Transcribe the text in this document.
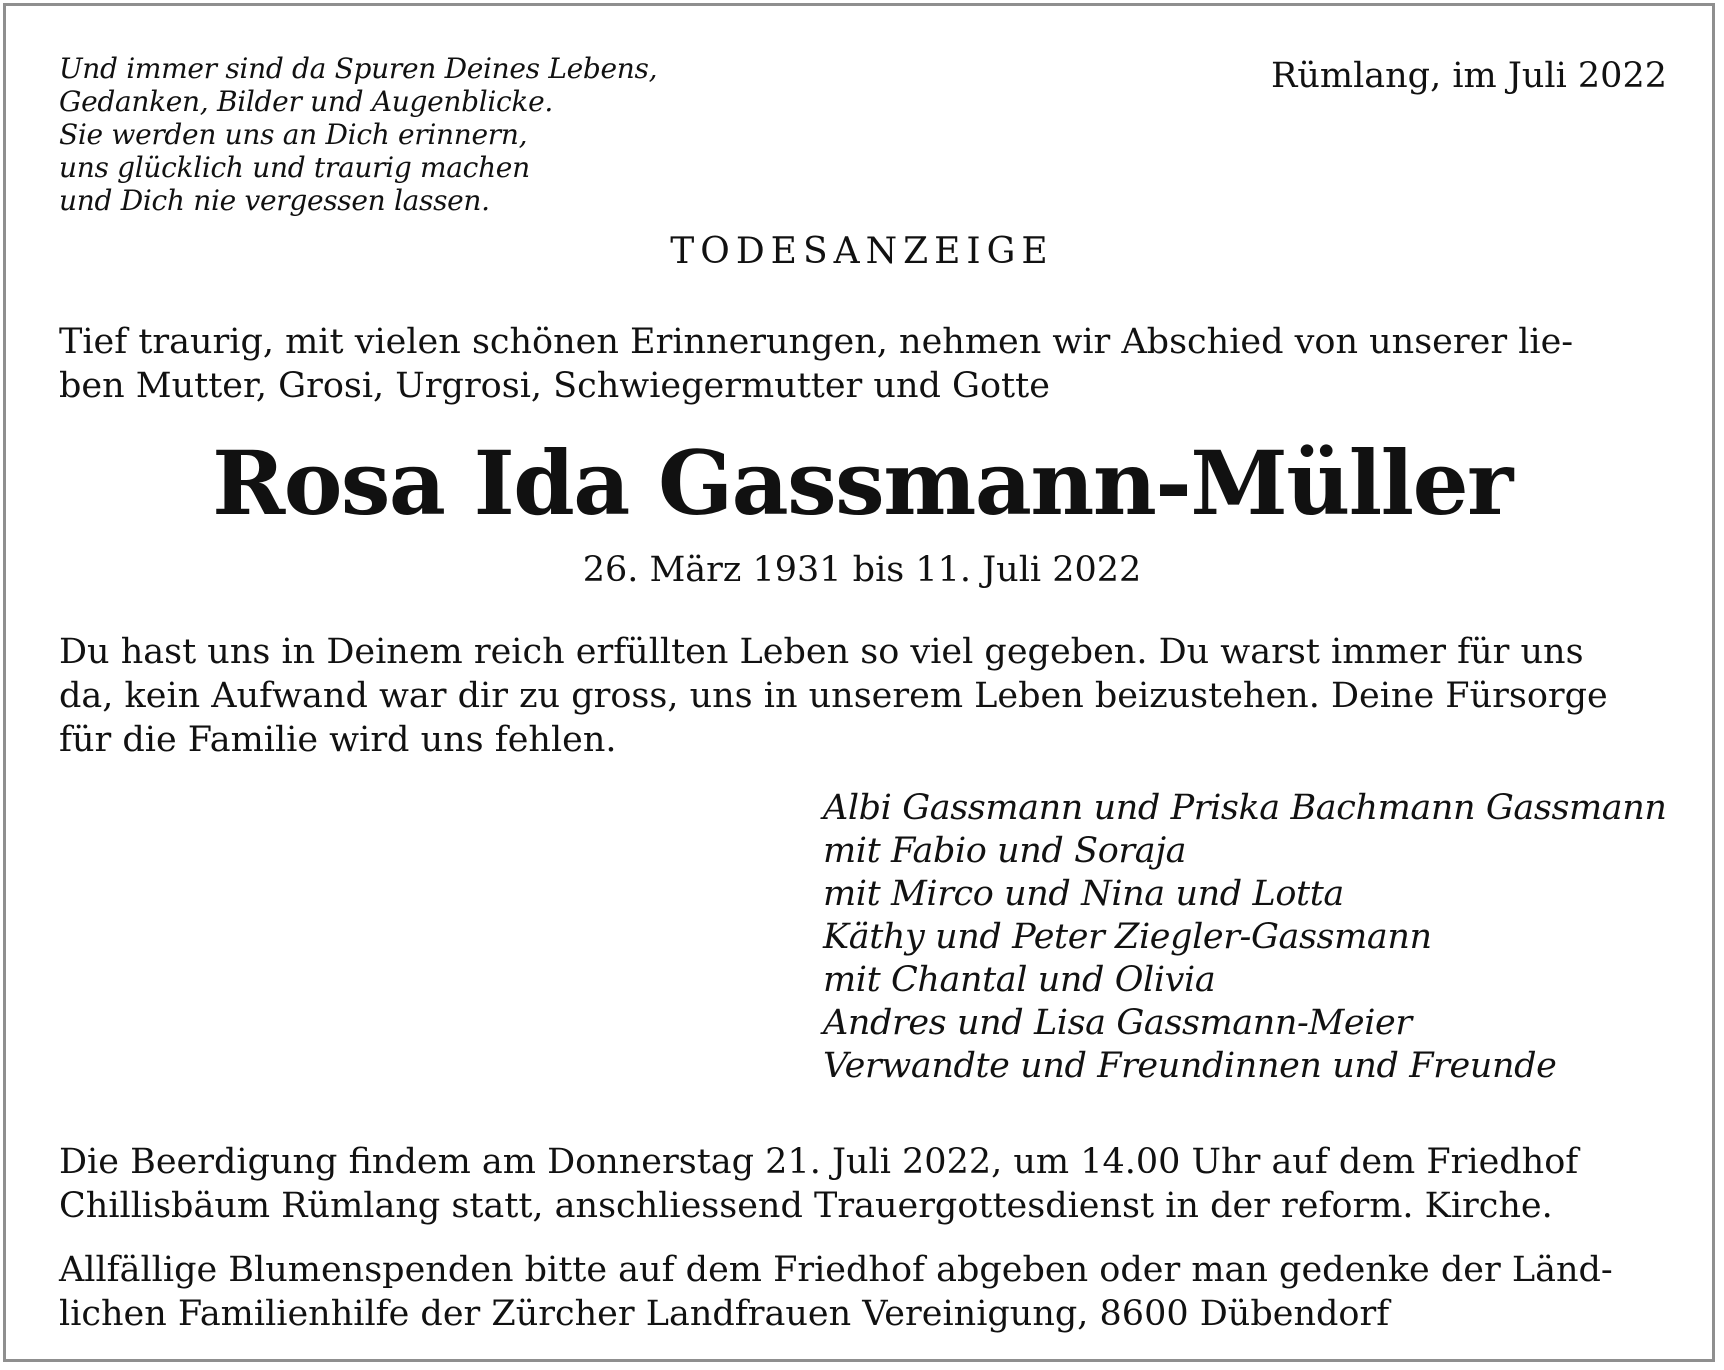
Und immer sind da Spuren Deines Lebens,
Gedanken, Bilder und Augenblicke.
Sie werden uns an Dich erinnern,
uns glücklich und traurig machen
und Dich nie vergessen lassen.
Rümlang, im Juli 2022
TODESANZEIGE

Tief traurig, mit vielen schönen Erinnerungen, nehmen wir Abschied von unserer lie-
ben Mutter, Grosi, Urgrosi, Schwiegermutter und Gotte

Rosa Ida Gassmann-Müller
26. März 1931 bis 11. Juli 2022

Du hast uns in Deinem reich erfüllten Leben so viel gegeben. Du warst immer für uns
da, kein Aufwand war dir zu gross, uns in unserem Leben beizustehen. Deine Fürsorge
für die Familie wird uns fehlen.

Albi Gassmann und Priska Bachmann Gassmann
mit Fabio und Soraja
mit Mirco und Nina und Lotta
Käthy und Peter Ziegler-Gassmann
mit Chantal und Olivia
Andres und Lisa Gassmann-Meier
Verwandte und Freundinnen und Freunde

Die Beerdigung findem am Donnerstag 21. Juli 2022, um 14.00 Uhr auf dem Friedhof
Chillisbäum Rümlang statt, anschliessend Trauergottesdienst in der reform. Kirche.

Allfällige Blumenspenden bitte auf dem Friedhof abgeben oder man gedenke der Länd-
lichen Familienhilfe der Zürcher Landfrauen Vereinigung, 8600 Dübendorf
